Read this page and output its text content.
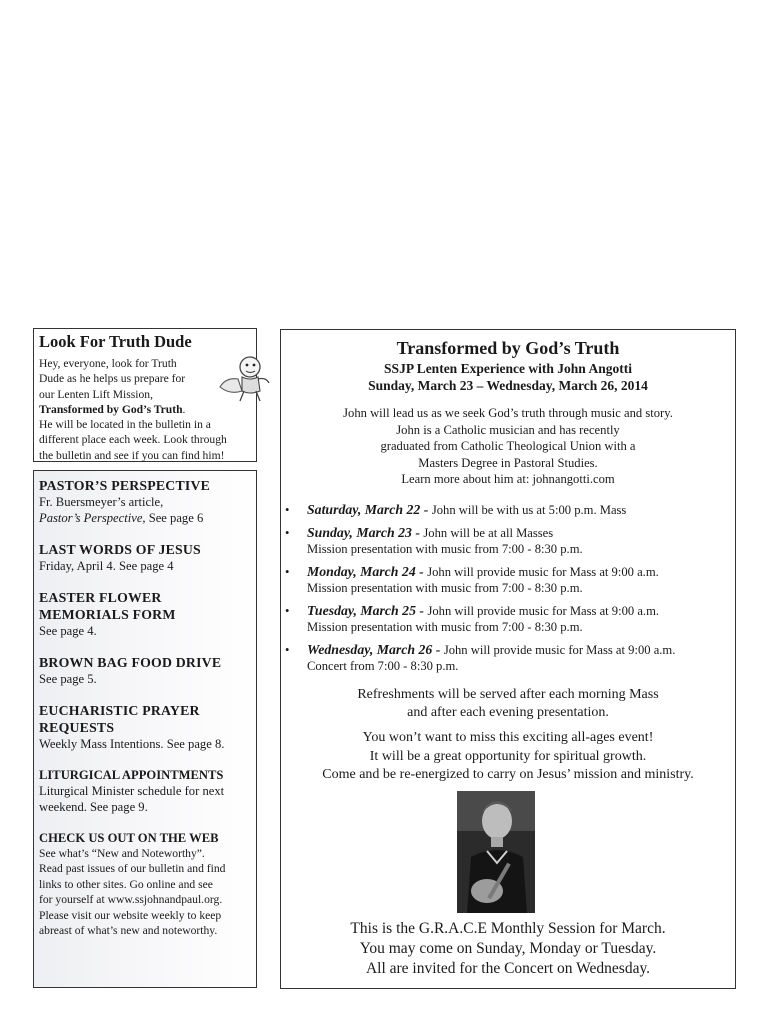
Look For Truth Dude
Hey, everyone, look for Truth
Dude as he helps us prepare for
our Lenten Lift Mission,
Transformed by God’s Truth.
He will be located in the bulletin in a
different place each week. Look through
the bulletin and see if you can find him!
PASTOR’S PERSPECTIVE
Fr. Buersmeyer’s article,
Pastor’s Perspective, See page 6
LAST WORDS OF JESUS
Friday, April 4. See page 4
EASTER FLOWER
MEMORIALS FORM
See page 4.
BROWN BAG FOOD DRIVE
See page 5.
EUCHARISTIC PRAYER
REQUESTS
Weekly Mass Intentions. See page 8.
LITURGICAL APPOINTMENTS
Liturgical Minister schedule for next
weekend. See page 9.
CHECK US OUT ON THE WEB
See what’s “New and Noteworthy”.
Read past issues of our bulletin and find
links to other sites. Go online and see
for yourself at www.ssjohnandpaul.org.
Please visit our website weekly to keep
abreast of what’s new and noteworthy.
Transformed by God’s Truth
SSJP Lenten Experience with John Angotti
Sunday, March 23 – Wednesday, March 26, 2014
John will lead us as we seek God’s truth through music and story.
John is a Catholic musician and has recently
graduated from Catholic Theological Union with a
Masters Degree in Pastoral Studies.
Learn more about him at: johnangotti.com
• Saturday, March 22 - John will be with us at 5:00 p.m. Mass
• Sunday, March 23 - John will be at all Masses
Mission presentation with music from 7:00 - 8:30 p.m.
• Monday, March 24 - John will provide music for Mass at 9:00 a.m.
Mission presentation with music from 7:00 - 8:30 p.m.
• Tuesday, March 25 - John will provide music for Mass at 9:00 a.m.
Mission presentation with music from 7:00 - 8:30 p.m.
• Wednesday, March 26 - John will provide music for Mass at 9:00 a.m.
Concert from 7:00 - 8:30 p.m.
Refreshments will be served after each morning Mass
and after each evening presentation.
You won’t want to miss this exciting all-ages event!
It will be a great opportunity for spiritual growth.
Come and be re-energized to carry on Jesus’ mission and ministry.
This is the G.R.A.C.E Monthly Session for March.
You may come on Sunday, Monday or Tuesday.
All are invited for the Concert on Wednesday.
